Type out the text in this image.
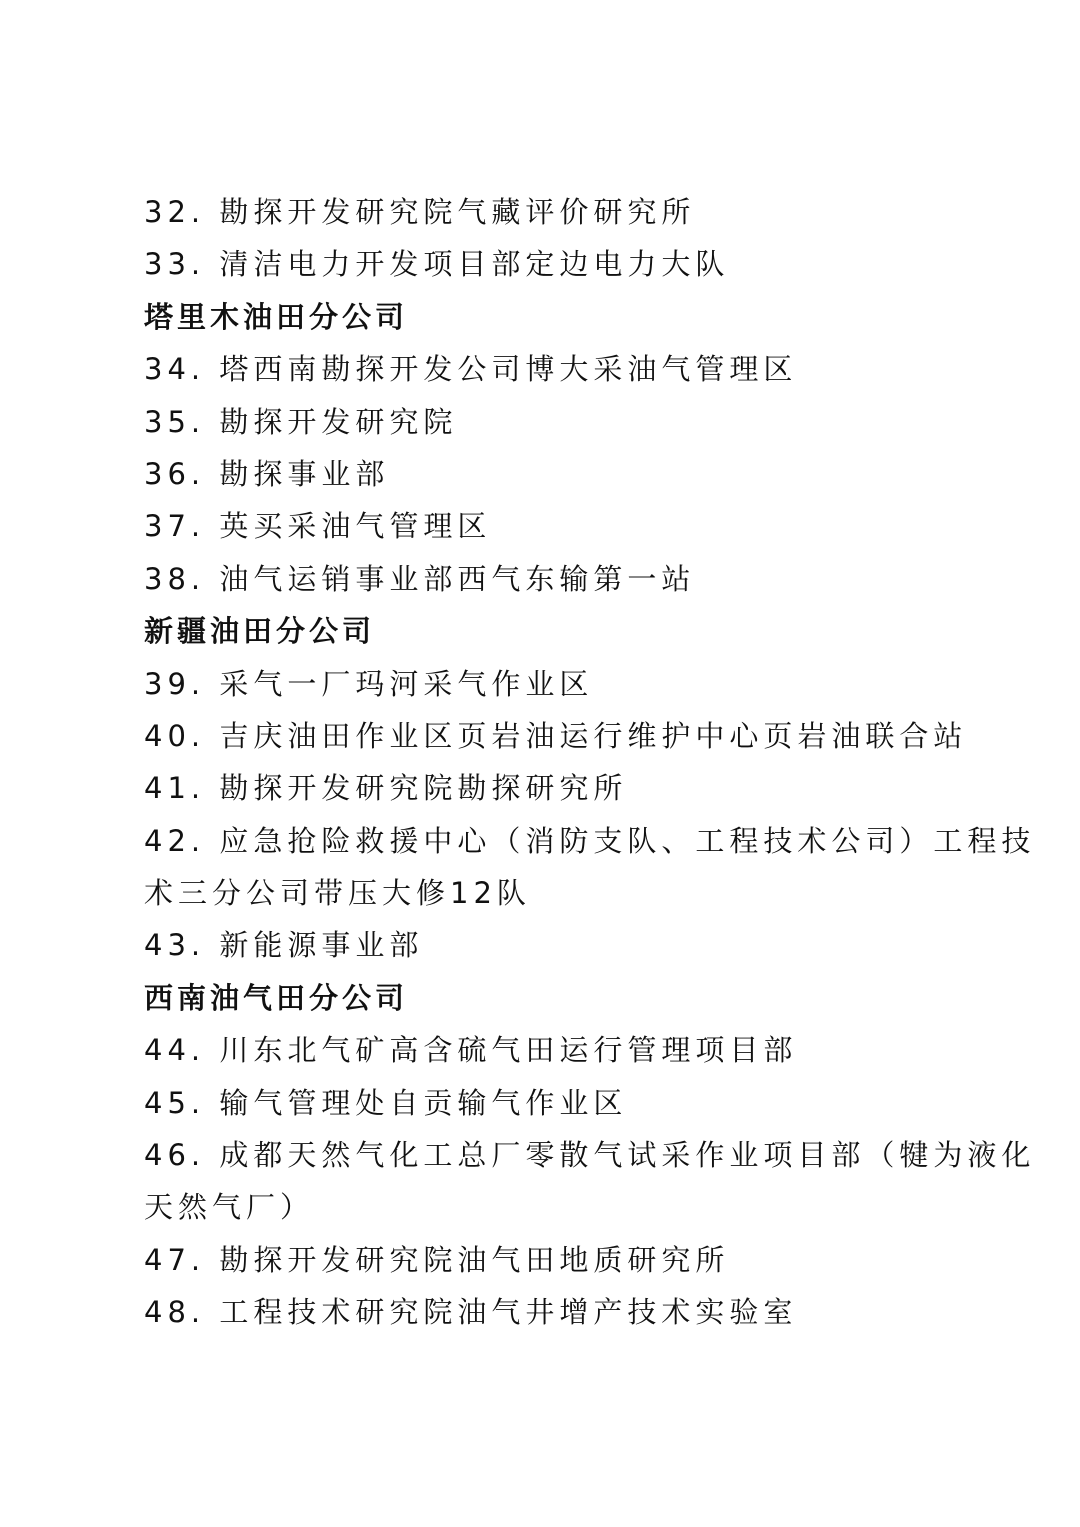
32. 勘探开发研究院气藏评价研究所
33. 清洁电力开发项目部定边电力大队
塔里木油田分公司
34. 塔西南勘探开发公司博大采油气管理区
35. 勘探开发研究院
36. 勘探事业部
37. 英买采油气管理区
38. 油气运销事业部西气东输第一站
新疆油田分公司
39. 采气一厂玛河采气作业区
40. 吉庆油田作业区页岩油运行维护中心页岩油联合站
41. 勘探开发研究院勘探研究所
42. 应急抢险救援中心（消防支队、工程技术公司）工程技
术三分公司带压大修12队
43. 新能源事业部
西南油气田分公司
44. 川东北气矿高含硫气田运行管理项目部
45. 输气管理处自贡输气作业区
46. 成都天然气化工总厂零散气试采作业项目部（犍为液化
天然气厂）
47. 勘探开发研究院油气田地质研究所
48. 工程技术研究院油气井增产技术实验室
